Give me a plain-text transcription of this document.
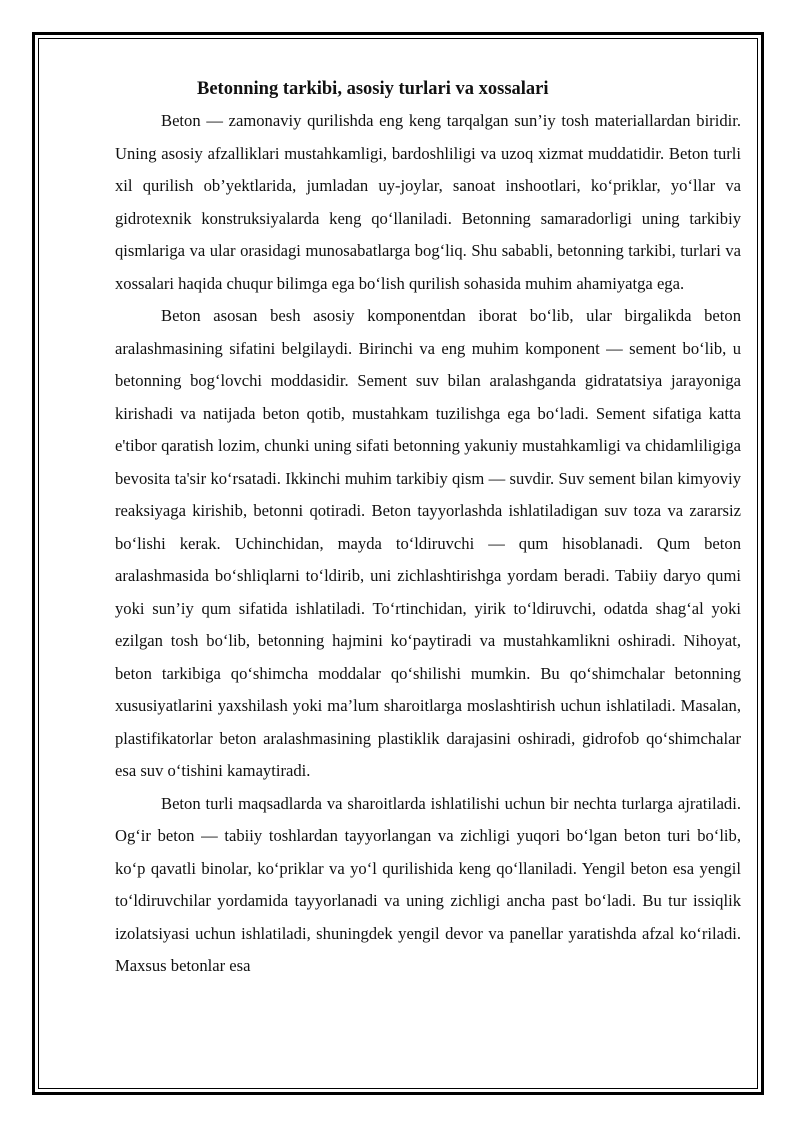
Betonning tarkibi, asosiy turlari va xossalari

Beton — zamonaviy qurilishda eng keng tarqalgan sun’iy tosh materiallardan biridir. Uning asosiy afzalliklari mustahkamligi, bardoshliligi va uzoq xizmat muddatidir. Beton turli xil qurilish ob’yektlarida, jumladan uy-joylar, sanoat inshootlari, ko‘priklar, yo‘llar va gidrotexnik konstruksiyalarda keng qo‘llaniladi. Betonning samaradorligi uning tarkibiy qismlariga va ular orasidagi munosabatlarga bog‘liq. Shu sababli, betonning tarkibi, turlari va xossalari haqida chuqur bilimga ega bo‘lish qurilish sohasida muhim ahamiyatga ega.

Beton asosan besh asosiy komponentdan iborat bo‘lib, ular birgalikda beton aralashmasining sifatini belgilaydi. Birinchi va eng muhim komponent — sement bo‘lib, u betonning bog‘lovchi moddasidir. Sement suv bilan aralashganda gidratatsiya jarayoniga kirishadi va natijada beton qotib, mustahkam tuzilishga ega bo‘ladi. Sement sifatiga katta e'tibor qaratish lozim, chunki uning sifati betonning yakuniy mustahkamligi va chidamliligiga bevosita ta'sir ko‘rsatadi. Ikkinchi muhim tarkibiy qism — suvdir. Suv sement bilan kimyoviy reaksiyaga kirishib, betonni qotiradi. Beton tayyorlashda ishlatiladigan suv toza va zararsiz bo‘lishi kerak. Uchinchidan, mayda to‘ldiruvchi — qum hisoblanadi. Qum beton aralashmasida bo‘shliqlarni to‘ldirib, uni zichlashtirishga yordam beradi. Tabiiy daryo qumi yoki sun’iy qum sifatida ishlatiladi. To‘rtinchidan, yirik to‘ldiruvchi, odatda shag‘al yoki ezilgan tosh bo‘lib, betonning hajmini ko‘paytiradi va mustahkamlikni oshiradi. Nihoyat, beton tarkibiga qo‘shimcha moddalar qo‘shilishi mumkin. Bu qo‘shimchalar betonning xususiyatlarini yaxshilash yoki ma’lum sharoitlarga moslashtirish uchun ishlatiladi. Masalan, plastifikatorlar beton aralashmasining plastiklik darajasini oshiradi, gidrofob qo‘shimchalar esa suv o‘tishini kamaytiradi.

Beton turli maqsadlarda va sharoitlarda ishlatilishi uchun bir nechta turlarga ajratiladi. Og‘ir beton — tabiiy toshlardan tayyorlangan va zichligi yuqori bo‘lgan beton turi bo‘lib, ko‘p qavatli binolar, ko‘priklar va yo‘l qurilishida keng qo‘llaniladi. Yengil beton esa yengil to‘ldiruvchilar yordamida tayyorlanadi va uning zichligi ancha past bo‘ladi. Bu tur issiqlik izolatsiyasi uchun ishlatiladi, shuningdek yengil devor va panellar yaratishda afzal ko‘riladi. Maxsus betonlar esa
